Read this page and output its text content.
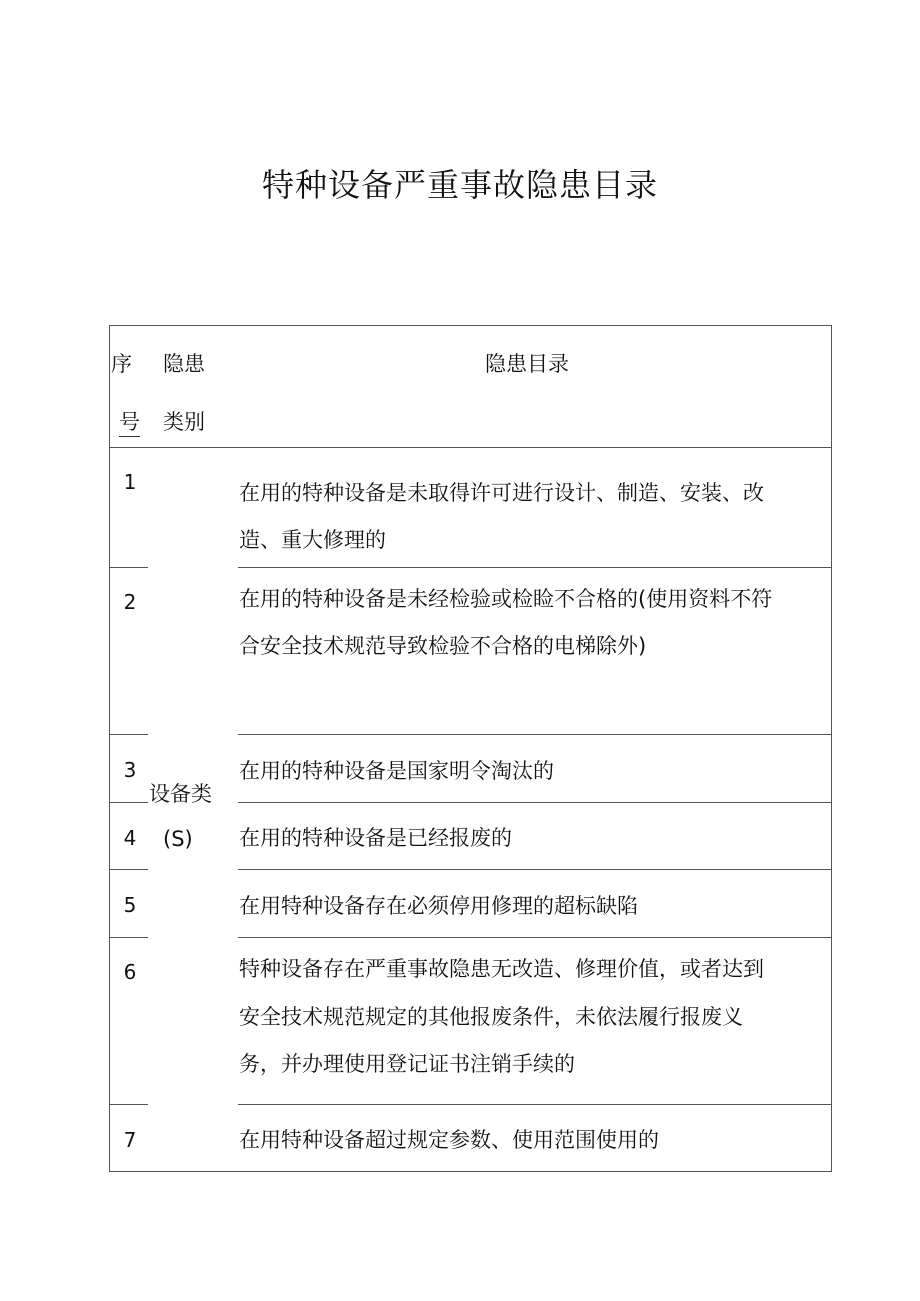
特种设备严重事故隐患目录
序
号
隐患
类别
隐患目录
设备类
(S)
1
2
3
4
5
6
7
在用的特种设备是未取得许可进行设计、制造、安装、改
造、重大修理的
在用的特种设备是未经检验或检睑不合格的(使用资料不符
合安全技术规范导致检验不合格的电梯除外)
在用的特种设备是国家明令淘汰的
在用的特种设备是已经报废的
在用特种设备存在必须停用修理的超标缺陷
特种设备存在严重事故隐患无改造、修理价值，或者达到
安全技术规范规定的其他报废条件，未依法履行报废义
务，并办理使用登记证书注销手续的
在用特种设备超过规定参数、使用范围使用的
